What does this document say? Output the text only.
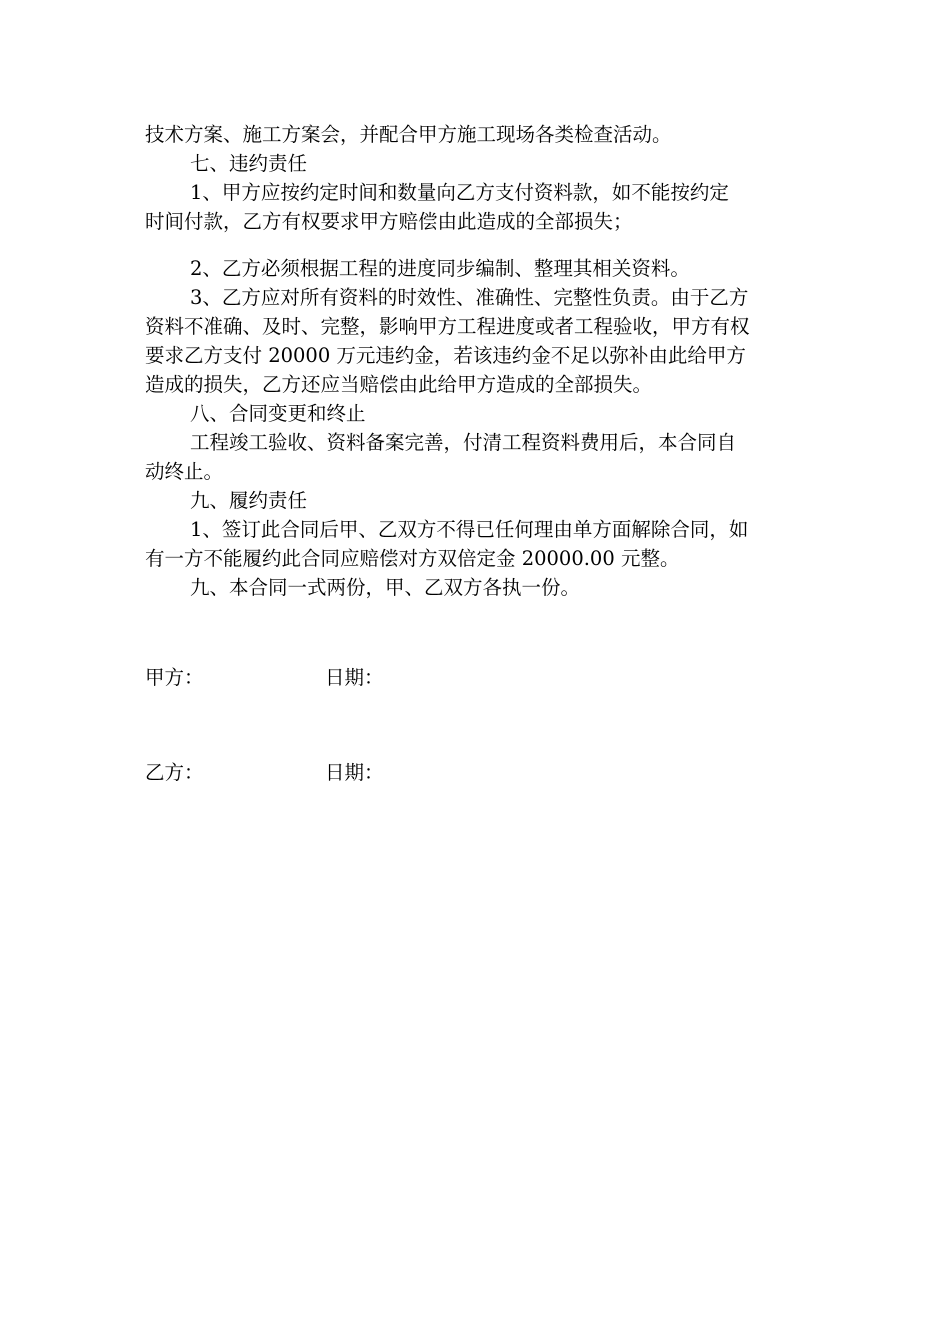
技术方案、施工方案会，并配合甲方施工现场各类检查活动。
七、违约责任
1、甲方应按约定时间和数量向乙方支付资料款，如不能按约定
时间付款，乙方有权要求甲方赔偿由此造成的全部损失；
2、乙方必须根据工程的进度同步编制、整理其相关资料。
3、乙方应对所有资料的时效性、准确性、完整性负责。由于乙方
资料不准确、及时、完整，影响甲方工程进度或者工程验收，甲方有权
要求乙方支付 20000 万元违约金，若该违约金不足以弥补由此给甲方
造成的损失，乙方还应当赔偿由此给甲方造成的全部损失。
八、合同变更和终止
工程竣工验收、资料备案完善，付清工程资料费用后，本合同自
动终止。
九、履约责任
1、签订此合同后甲、乙双方不得已任何理由单方面解除合同，如
有一方不能履约此合同应赔偿对方双倍定金 20000.00 元整。
九、本合同一式两份，甲、乙双方各执一份。
甲方：	日期：
乙方：	日期：
